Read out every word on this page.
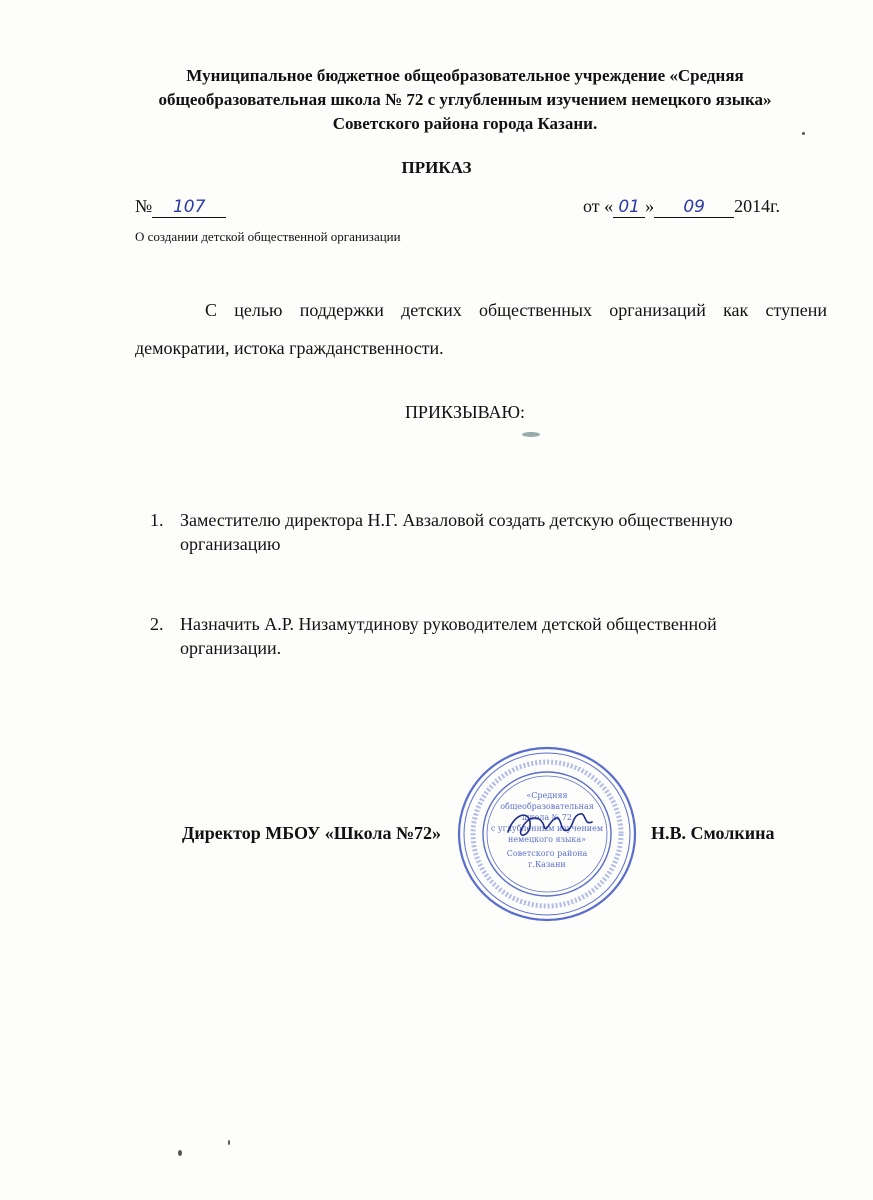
Муниципальное бюджетное общеобразовательное учреждение «Средняя общеобразовательная школа № 72 с углубленным изучением немецкого языка» Советского района города Казани.
ПРИКАЗ
№ 107	от « 01 » 09 2014г.
О создании детской общественной организации
С целью поддержки детских общественных организаций как ступени демократии, истока гражданственности.
ПРИКЗЫВАЮ:
1. Заместителю директора Н.Г. Авзаловой создать детскую общественную организацию
2. Назначить А.Р. Низамутдинову руководителем детской общественной организации.
Директор МБОУ «Школа №72»	Н.В. Смолкина
«Средняя
общеобразовательная
школа № 72
с углубленным изучением
немецкого языка»
Советского района
г.Казани
